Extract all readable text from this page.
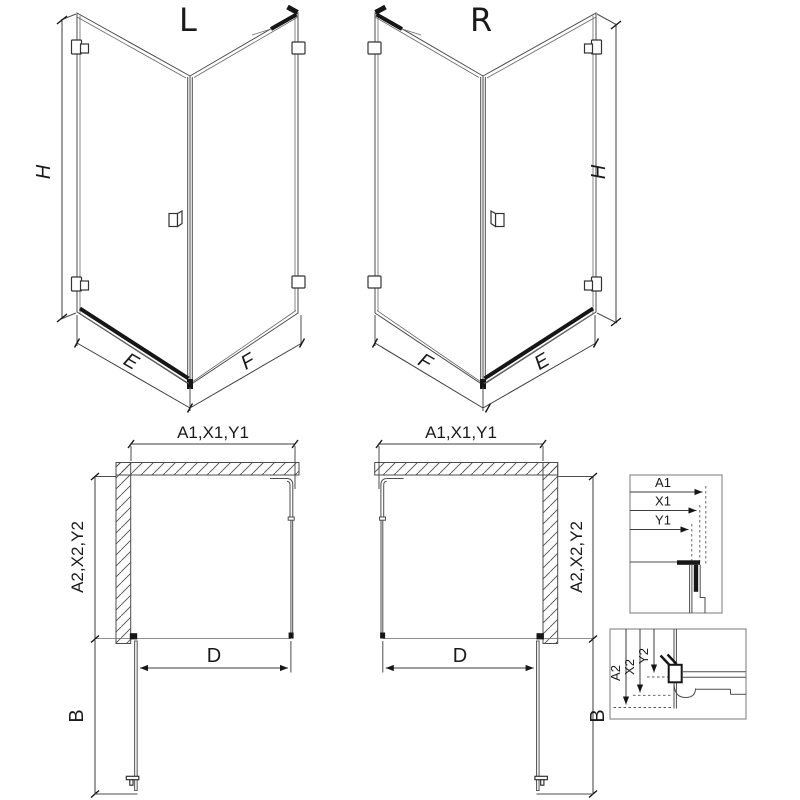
L
H
E	F
R
H
F	E
A1,X1,Y1
D
A2,X2,Y2
B
A1,X1,Y1
D
A2,X2,Y2
B
A1
X1
Y1
A2 X2
Y2
